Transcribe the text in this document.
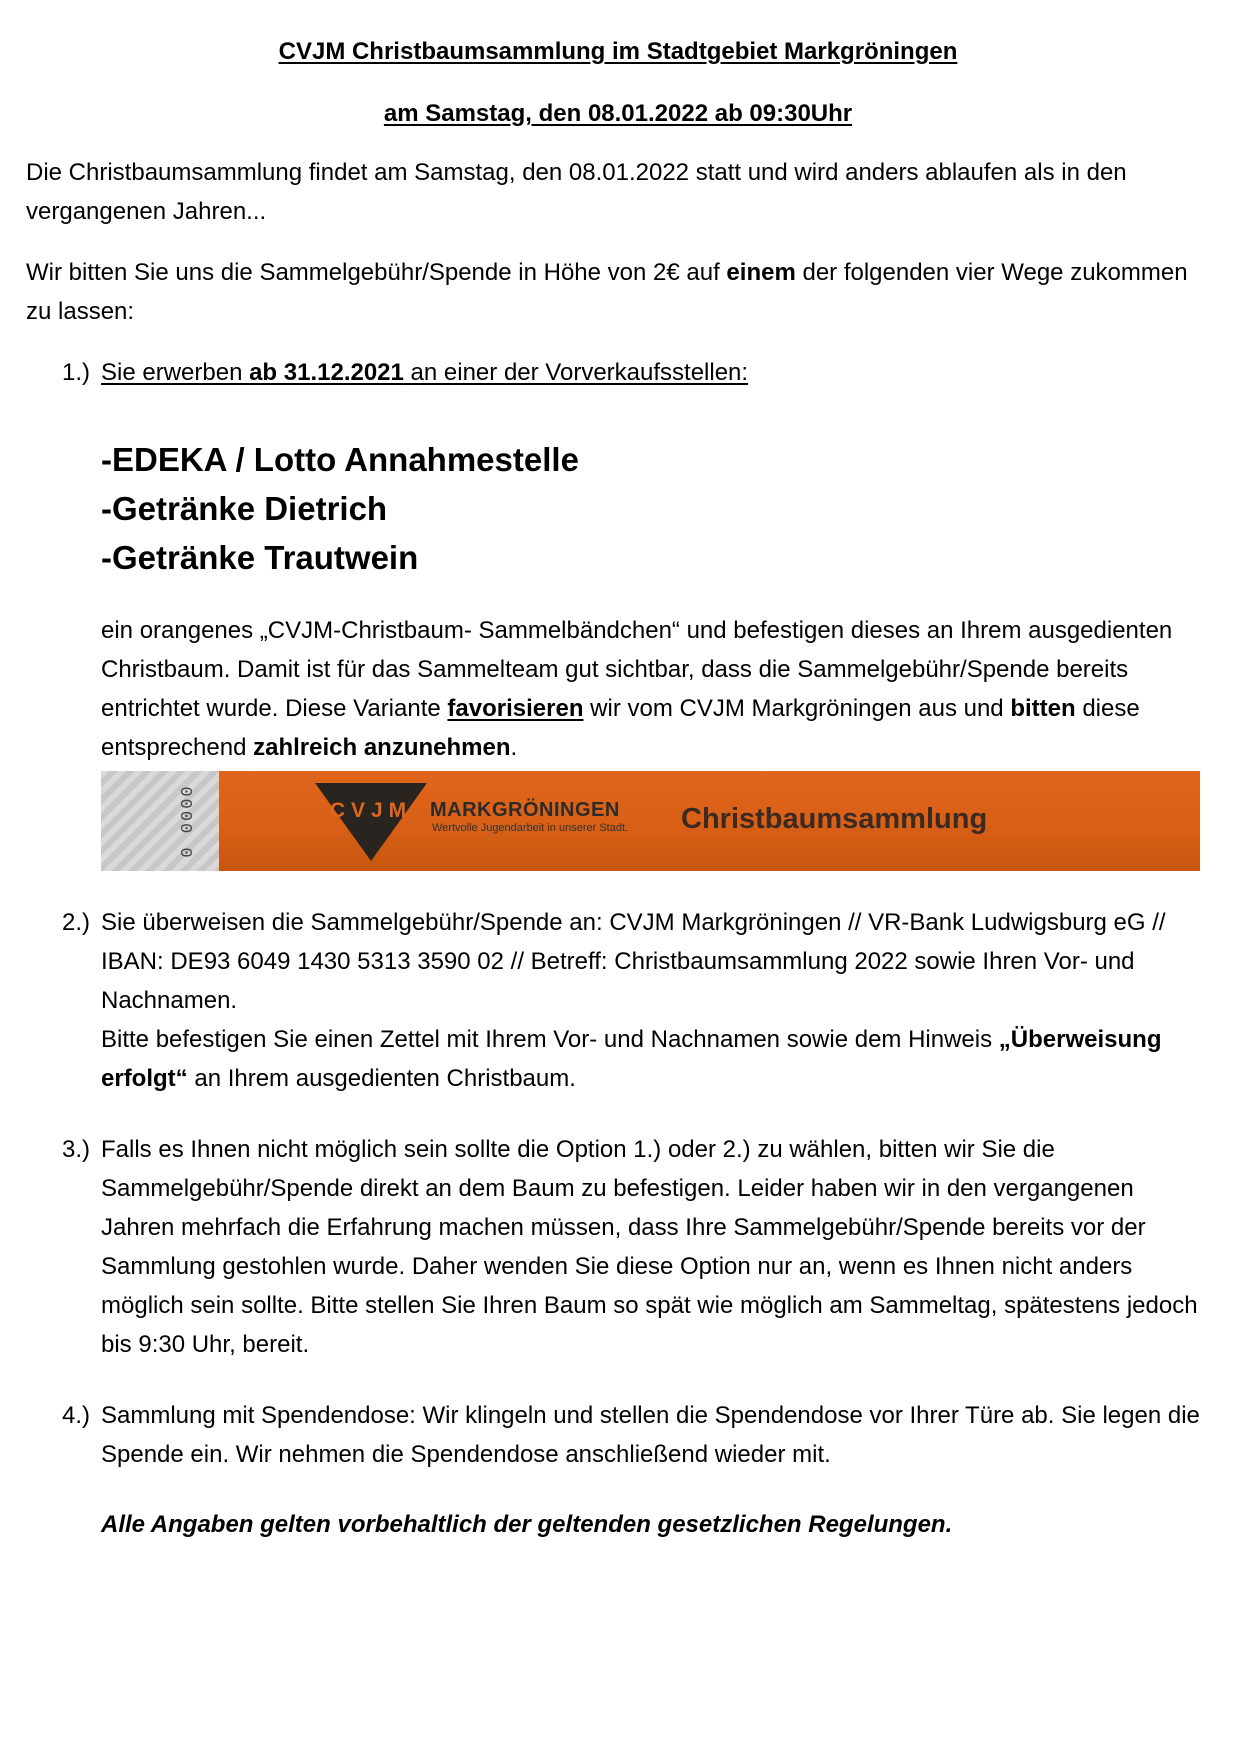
CVJM Christbaumsammlung im Stadtgebiet Markgröningen
am Samstag, den 08.01.2022 ab 09:30Uhr

Die Christbaumsammlung findet am Samstag, den 08.01.2022 statt und wird anders ablaufen als in den vergangenen Jahren...

Wir bitten Sie uns die Sammelgebühr/Spende in Höhe von 2€ auf einem der folgenden vier Wege zukommen zu lassen:

1.) Sie erwerben ab 31.12.2021 an einer der Vorverkaufsstellen:
-EDEKA / Lotto Annahmestelle
-Getränke Dietrich
-Getränke Trautwein

ein orangenes „CVJM-Christbaum- Sammelbändchen“ und befestigen dieses an Ihrem ausgedienten Christbaum. Damit ist für das Sammelteam gut sichtbar, dass die Sammelgebühr/Spende bereits entrichtet wurde. Diese Variante favorisieren wir vom CVJM Markgröningen aus und bitten diese entsprechend zahlreich anzunehmen.

0 0000	CVJM MARKGRÖNINGEN
Wertvolle Jugendarbeit in unserer Stadt. Christbaumsammlung
2.) Sie überweisen die Sammelgebühr/Spende an: CVJM Markgröningen // VR-Bank Ludwigsburg eG // IBAN: DE93 6049 1430 5313 3590 02 // Betreff: Christbaumsammlung 2022 sowie Ihren Vor- und Nachnamen.
Bitte befestigen Sie einen Zettel mit Ihrem Vor- und Nachnamen sowie dem Hinweis „Überweisung erfolgt“ an Ihrem ausgedienten Christbaum.
3.) Falls es Ihnen nicht möglich sein sollte die Option 1.) oder 2.) zu wählen, bitten wir Sie die Sammelgebühr/Spende direkt an dem Baum zu befestigen. Leider haben wir in den vergangenen Jahren mehrfach die Erfahrung machen müssen, dass Ihre Sammelgebühr/Spende bereits vor der Sammlung gestohlen wurde. Daher wenden Sie diese Option nur an, wenn es Ihnen nicht anders möglich sein sollte. Bitte stellen Sie Ihren Baum so spät wie möglich am Sammeltag, spätestens jedoch bis 9:30 Uhr, bereit.
4.) Sammlung mit Spendendose: Wir klingeln und stellen die Spendendose vor Ihrer Türe ab. Sie legen die Spende ein. Wir nehmen die Spendendose anschließend wieder mit.

Alle Angaben gelten vorbehaltlich der geltenden gesetzlichen Regelungen.
